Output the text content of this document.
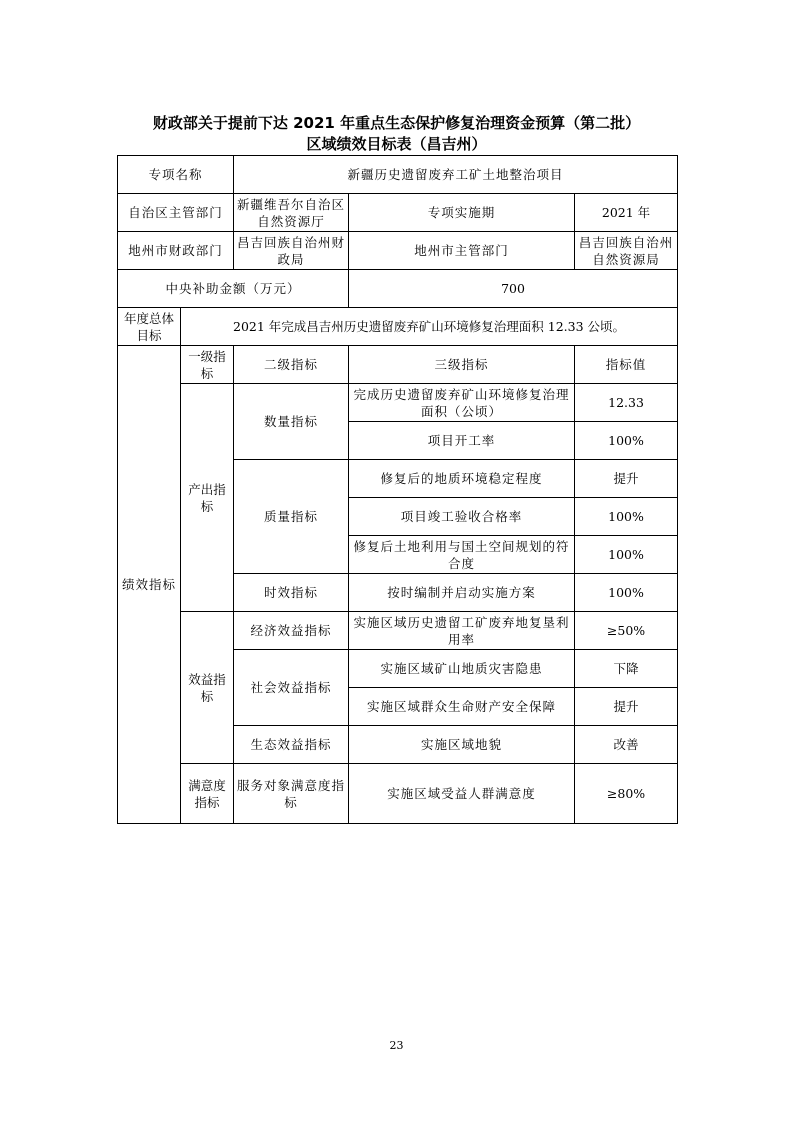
财政部关于提前下达 2021 年重点生态保护修复治理资金预算（第二批）
区域绩效目标表（昌吉州）
专项名称		新疆历史遗留废弃工矿土地整治项目		
自治区主管部门		新疆维吾尔自治区自然资源厅	专项实施期	2021 年
地州市财政部门		昌吉回族自治州财政局	地州市主管部门	昌吉回族自治州自然资源局
中央补助金额（万元）			700	
年度总体目标	2021 年完成昌吉州历史遗留废弃矿山环境修复治理面积 12.33 公顷。			
绩效指标	一级指标	二级指标	三级指标	指标值
	产出指标	数量指标	完成历史遗留废弃矿山环境修复治理面积（公顷）	12.33
			项目开工率	100%
		质量指标	修复后的地质环境稳定程度	提升
			项目竣工验收合格率	100%
			修复后土地利用与国土空间规划的符合度	100%
		时效指标	按时编制并启动实施方案	100%
	效益指标	经济效益指标	实施区域历史遗留工矿废弃地复垦利用率	≥50%
		社会效益指标	实施区域矿山地质灾害隐患	下降
			实施区域群众生命财产安全保障	提升
		生态效益指标	实施区域地貌	改善
	满意度指标	服务对象满意度指标	实施区域受益人群满意度	≥80%
23
